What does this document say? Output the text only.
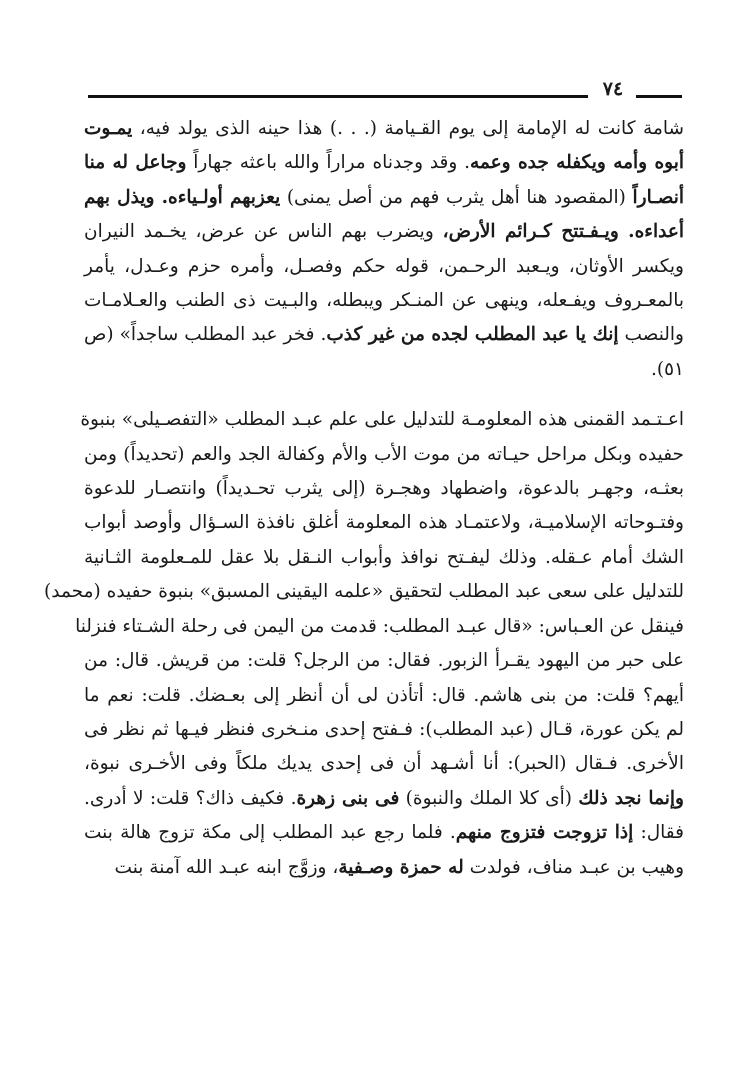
٧٤

شامة كانت له الإمامة إلى يوم القـيامة (. . .) هذا حينه الذى يولد فيه، يمـوت
أبوه وأمه ويكفله جده وعمه. وقد وجدناه مراراً والله باعثه جهاراً وجاعل له منا
أنصـاراً (المقصود هنا أهل يثرب فهم من أصل يمنى) يعزبهم أولـياءه. ويذل بهم
أعداءه. ويـفـتتح كـرائم الأرض، ويضرب بهم الناس عن عرض، يخـمد النيران
ويكسر الأوثان، ويـعبد الرحـمن، قوله حكم وفصـل، وأمره حزم وعـدل، يأمر
بالمعـروف ويفـعله، وينهى عن المنـكر ويبطله، والبـيت ذى الطنب والعـلامـات
والنصب إنك يا عبد المطلب لجده من غير كذب. فخر عبد المطلب ساجداً» (ص
٥١).

اعـتـمد القمنى هذه المعلومـة للتدليل على علم عبـد المطلب «التفصـيلى» بنبوة
حفيده وبكل مراحل حيـاته من موت الأب والأم وكفالة الجد والعم (تحديداً) ومن
بعثـه، وجهـر بالدعوة، واضطهاد وهجـرة (إلى يثرب تحـديداً) وانتصـار للدعوة
وفتـوحاته الإسلاميـة، ولاعتمـاد هذه المعلومة أغلق نافذة السـؤال وأوصد أبواب
الشك أمام عـقله. وذلك ليفـتح نوافذ وأبواب النـقل بلا عقل للمـعلومة الثـانية
للتدليل على سعى عبد المطلب لتحقيق «علمه اليقينى المسبق» بنبوة حفيده (محمد)
فينقل عن العـباس: «قال عبـد المطلب: قدمت من اليمن فى رحلة الشـتاء فنزلنا
على حبر من اليهود يقـرأ الزبور. فقال: من الرجل؟ قلت: من قريش. قال: من
أيهم؟ قلت: من بنى هاشم. قال: أتأذن لى أن أنظر إلى بعـضك. قلت: نعم ما
لم يكن عورة، قـال (عبد المطلب): فـفتح إحدى منـخرى فنظر فيـها ثم نظر فى
الأخرى. فـقال (الحبر): أنا أشـهد أن فى إحدى يديك ملكاً وفى الأخـرى نبوة،
وإنما نجد ذلك (أى كلا الملك والنبوة) فى بنى زهرة. فكيف ذاك؟ قلت: لا أدرى.
فقال: إذا تزوجت فتزوج منهم. فلما رجع عبد المطلب إلى مكة تزوج هالة بنت
وهيب بن عبـد مناف، فولدت له حمزة وصـفية، وزوَّج ابنه عبـد الله آمنة بنت
